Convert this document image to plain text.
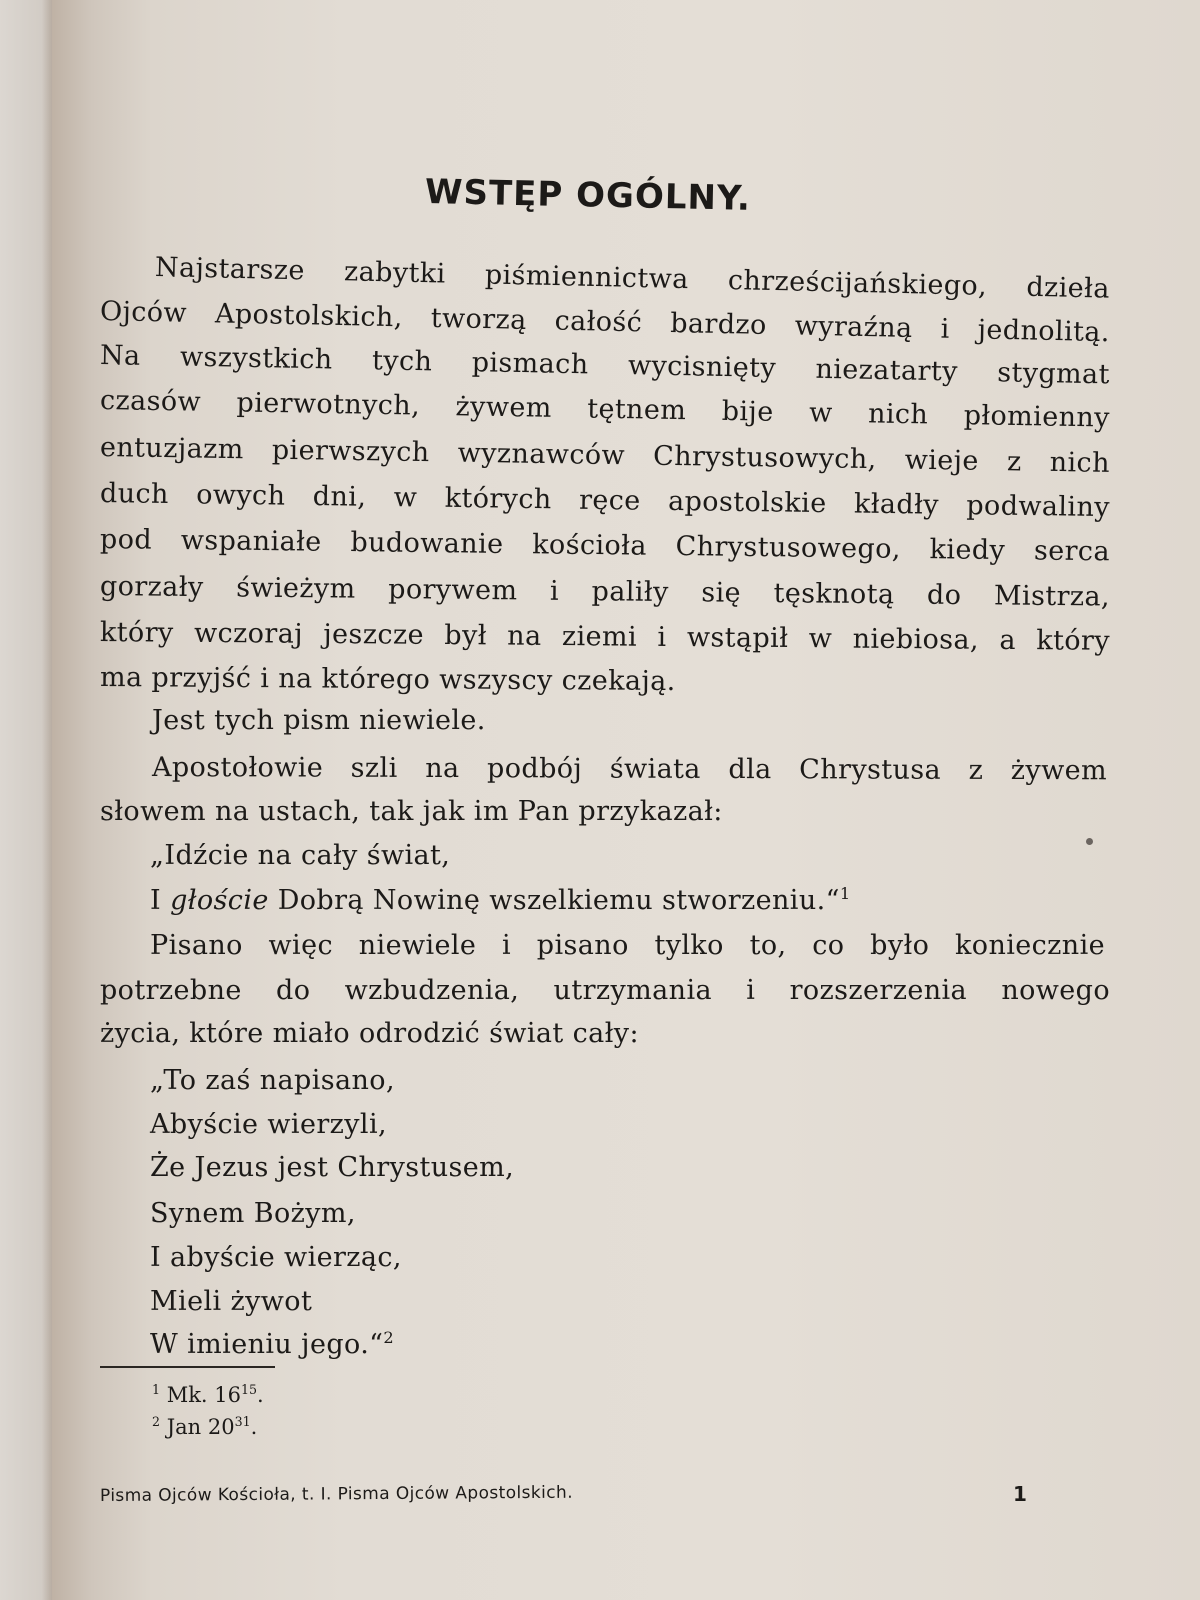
WSTĘP OGÓLNY.
Najstarsze zabytki piśmiennictwa chrześcijańskiego, dzieła
Ojców Apostolskich, tworzą całość bardzo wyraźną i jednolitą.
Na wszystkich tych pismach wycisnięty niezatarty stygmat
czasów pierwotnych, żywem tętnem bije w nich płomienny
entuzjazm pierwszych wyznawców Chrystusowych, wieje z nich
duch owych dni, w których ręce apostolskie kładły podwaliny
pod wspaniałe budowanie kościoła Chrystusowego, kiedy serca
gorzały świeżym porywem i paliły się tęsknotą do Mistrza,
który wczoraj jeszcze był na ziemi i wstąpił w niebiosa, a który
ma przyjść i na którego wszyscy czekają.
Jest tych pism niewiele.
Apostołowie szli na podbój świata dla Chrystusa z żywem
słowem na ustach, tak jak im Pan przykazał:
„Idźcie na cały świat,
I głoście Dobrą Nowinę wszelkiemu stworzeniu.“$^1$
Pisano więc niewiele i pisano tylko to, co było koniecznie
potrzebne do wzbudzenia, utrzymania i rozszerzenia nowego
życia, które miało odrodzić świat cały:
„To zaś napisano,
Abyście wierzyli,
Że Jezus jest Chrystusem,
Synem Bożym,
I abyście wierząc,
Mieli żywot
W imieniu jego.“$^2$
$^1$ Mk. $16^{15}$.
$^2$ Jan $20^{31}$.
Pisma Ojców Kościoła, t. I. Pisma Ojców Apostolskich.	1
